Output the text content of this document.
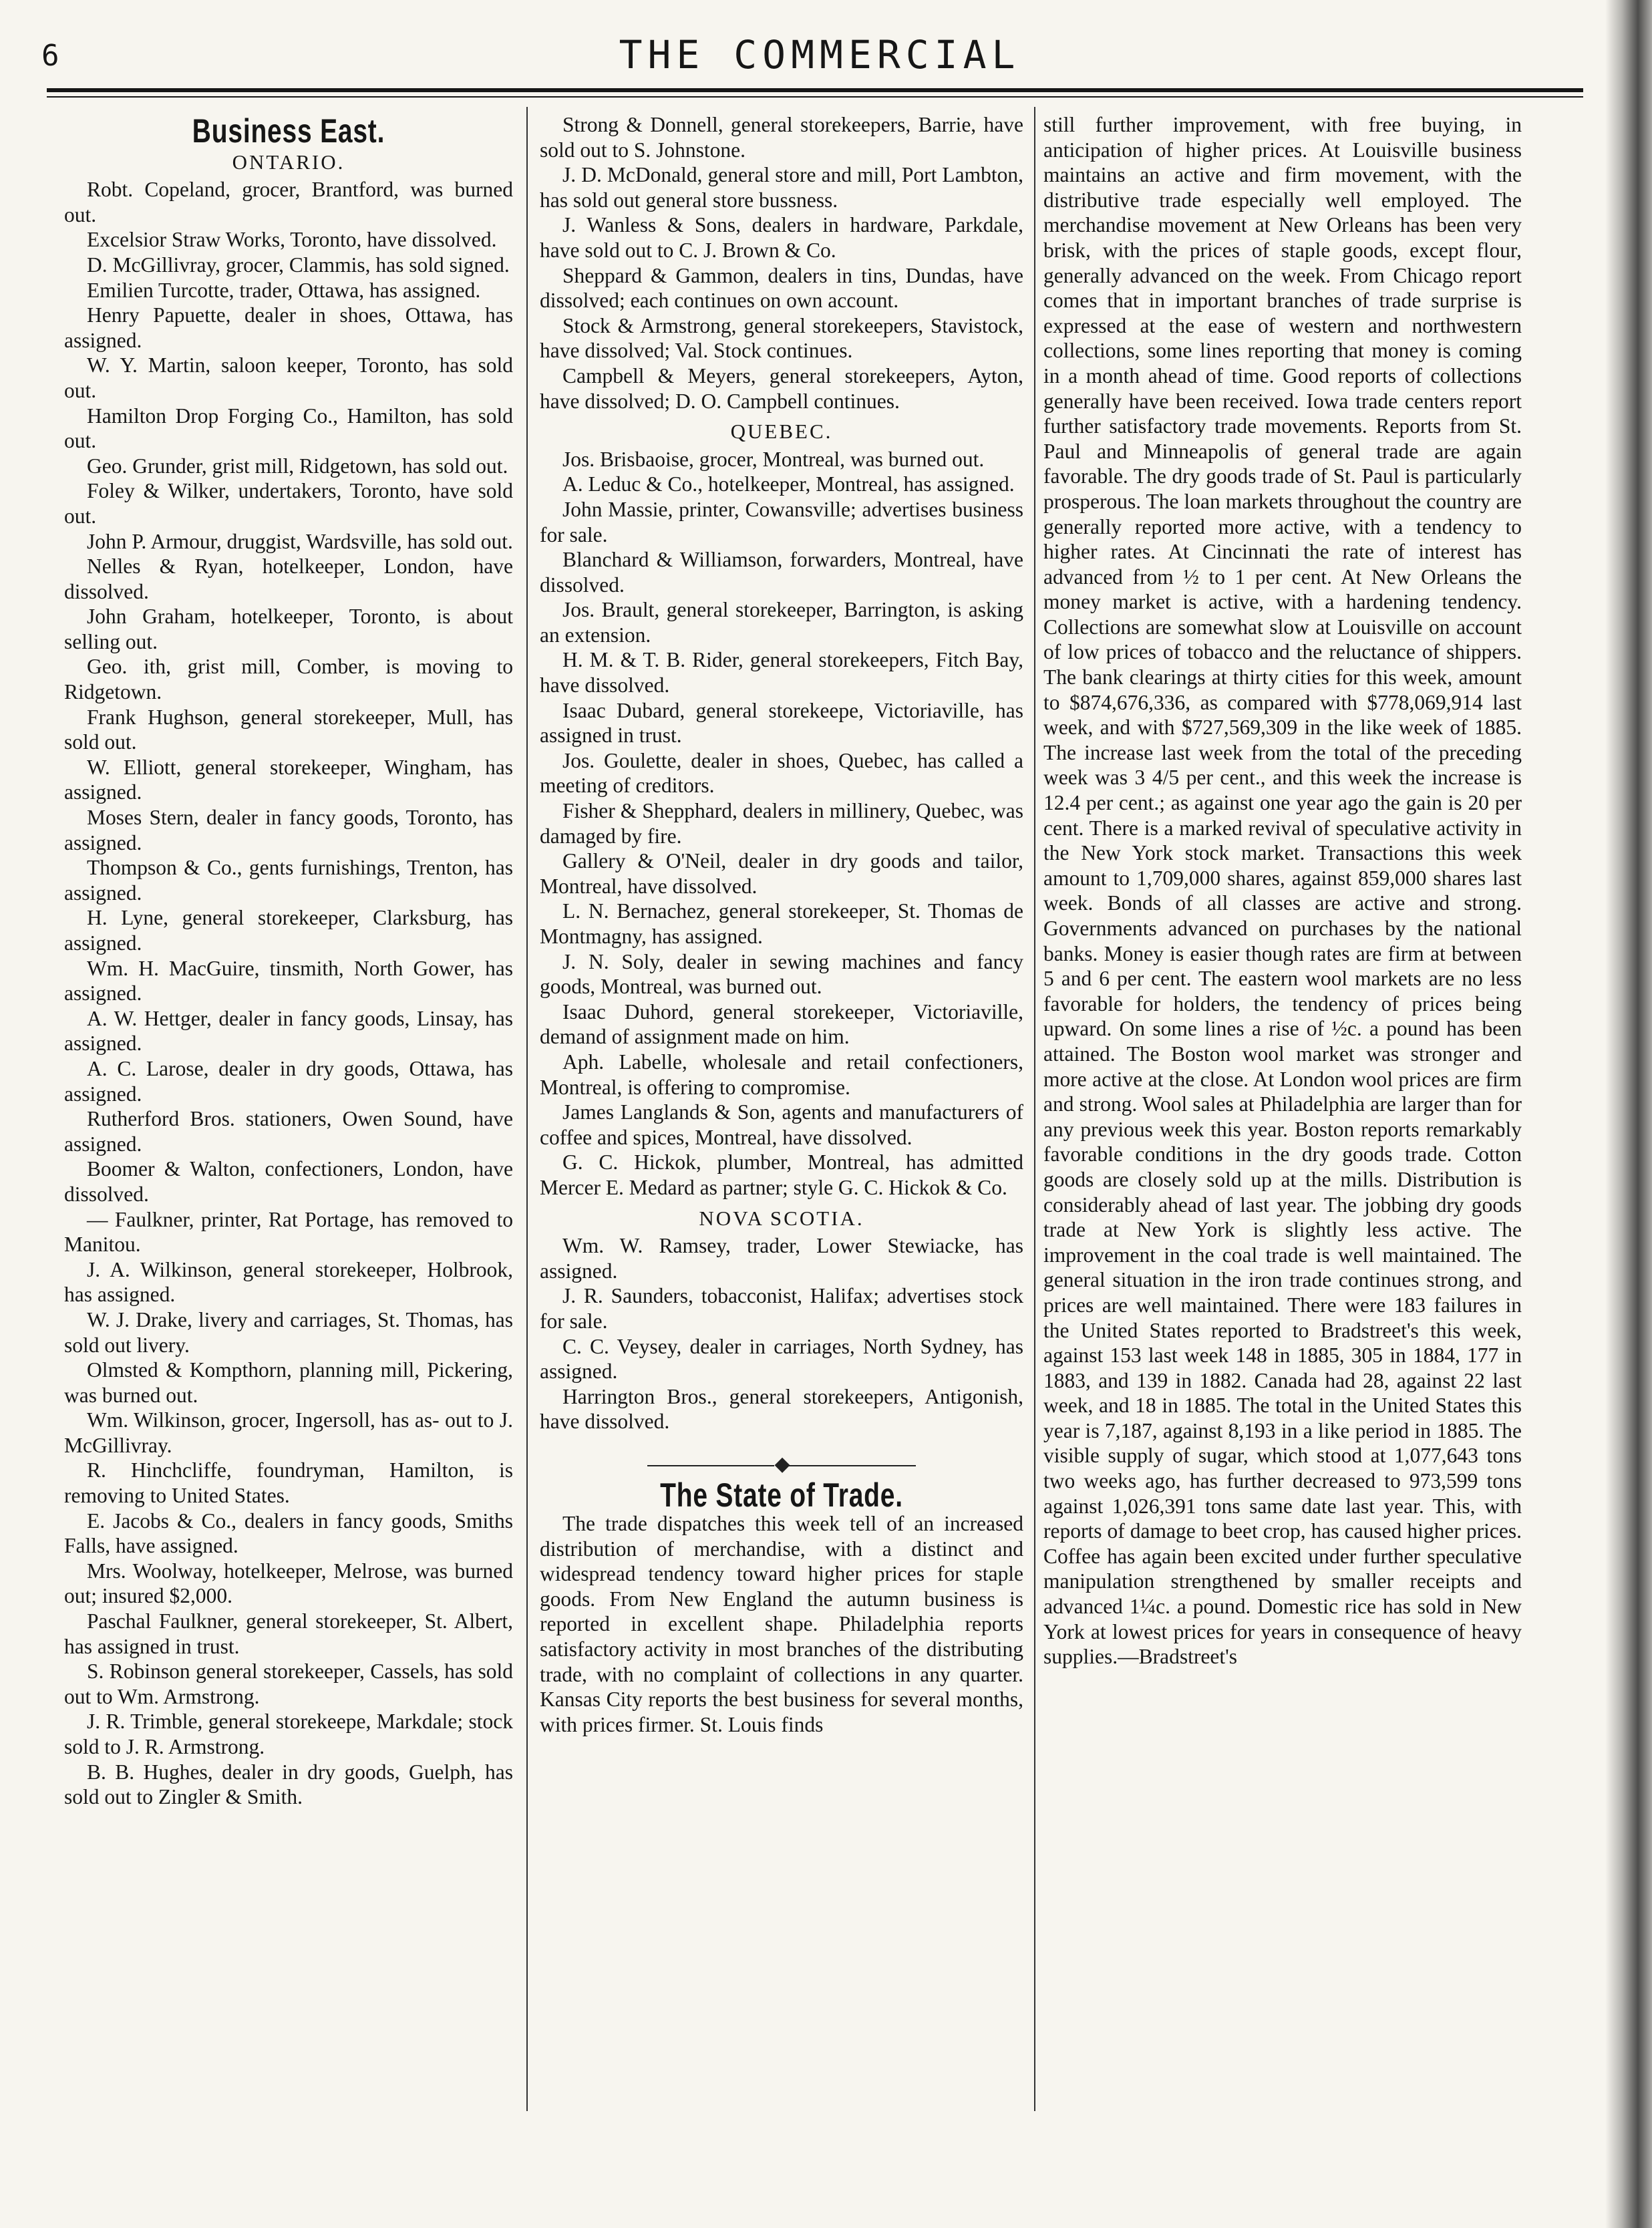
6	THE COMMERCIAL
Business East.
ONTARIO.

Robt. Copeland, grocer, Brantford, was burned out.

Excelsior Straw Works, Toronto, have dissolved.

D. McGillivray, grocer, Clammis, has sold signed.

Emilien Turcotte, trader, Ottawa, has assigned.

Henry Papuette, dealer in shoes, Ottawa, has assigned.

W. Y. Martin, saloon keeper, Toronto, has sold out.

Hamilton Drop Forging Co., Hamilton, has sold out.

Geo. Grunder, grist mill, Ridgetown, has sold out.

Foley & Wilker, undertakers, Toronto, have sold out.

John P. Armour, druggist, Wardsville, has sold out.

Nelles & Ryan, hotelkeeper, London, have dissolved.

John Graham, hotelkeeper, Toronto, is about selling out.

Geo. ith, grist mill, Comber, is moving to Ridgetown.

Frank Hughson, general storekeeper, Mull, has sold out.

W. Elliott, general storekeeper, Wingham, has assigned.

Moses Stern, dealer in fancy goods, Toronto, has assigned.

Thompson & Co., gents furnishings, Trenton, has assigned.

H. Lyne, general storekeeper, Clarksburg, has assigned.

Wm. H. MacGuire, tinsmith, North Gower, has assigned.

A. W. Hettger, dealer in fancy goods, Linsay, has assigned.

A. C. Larose, dealer in dry goods, Ottawa, has assigned.

Rutherford Bros. stationers, Owen Sound, have assigned.

Boomer & Walton, confectioners, London, have dissolved.

— Faulkner, printer, Rat Portage, has removed to Manitou.

J. A. Wilkinson, general storekeeper, Holbrook, has assigned.

W. J. Drake, livery and carriages, St. Thomas, has sold out livery.

Olmsted & Kompthorn, planning mill, Pickering, was burned out.

Wm. Wilkinson, grocer, Ingersoll, has as- out to J. McGillivray.

R. Hinchcliffe, foundryman, Hamilton, is removing to United States.

E. Jacobs & Co., dealers in fancy goods, Smiths Falls, have assigned.

Mrs. Woolway, hotelkeeper, Melrose, was burned out; insured $2,000.

Paschal Faulkner, general storekeeper, St. Albert, has assigned in trust.

S. Robinson general storekeeper, Cassels, has sold out to Wm. Armstrong.

J. R. Trimble, general storekeepe, Markdale; stock sold to J. R. Armstrong.

B. B. Hughes, dealer in dry goods, Guelph, has sold out to Zingler & Smith.

Strong & Donnell, general storekeepers, Barrie, have sold out to S. Johnstone.

J. D. McDonald, general store and mill, Port Lambton, has sold out general store bussness.

J. Wanless & Sons, dealers in hardware, Parkdale, have sold out to C. J. Brown & Co.

Sheppard & Gammon, dealers in tins, Dundas, have dissolved; each continues on own account.

Stock & Armstrong, general storekeepers, Stavistock, have dissolved; Val. Stock continues.

Campbell & Meyers, general storekeepers, Ayton, have dissolved; D. O. Campbell continues.

QUEBEC.

Jos. Brisbaoise, grocer, Montreal, was burned out.

A. Leduc & Co., hotelkeeper, Montreal, has assigned.

John Massie, printer, Cowansville; advertises business for sale.

Blanchard & Williamson, forwarders, Montreal, have dissolved.

Jos. Brault, general storekeeper, Barrington, is asking an extension.

H. M. & T. B. Rider, general storekeepers, Fitch Bay, have dissolved.

Isaac Dubard, general storekeepe, Victoriaville, has assigned in trust.

Jos. Goulette, dealer in shoes, Quebec, has called a meeting of creditors.

Fisher & Shepphard, dealers in millinery, Quebec, was damaged by fire.

Gallery & O'Neil, dealer in dry goods and tailor, Montreal, have dissolved.

L. N. Bernachez, general storekeeper, St. Thomas de Montmagny, has assigned.

J. N. Soly, dealer in sewing machines and fancy goods, Montreal, was burned out.

Isaac Duhord, general storekeeper, Victoriaville, demand of assignment made on him.

Aph. Labelle, wholesale and retail confectioners, Montreal, is offering to compromise.

James Langlands & Son, agents and manufacturers of coffee and spices, Montreal, have dissolved.

G. C. Hickok, plumber, Montreal, has admitted Mercer E. Medard as partner; style G. C. Hickok & Co.

NOVA SCOTIA.

Wm. W. Ramsey, trader, Lower Stewiacke, has assigned.

J. R. Saunders, tobacconist, Halifax; advertises stock for sale.

C. C. Veysey, dealer in carriages, North Sydney, has assigned.

Harrington Bros., general storekeepers, Antigonish, have dissolved.

◆
The State of Trade.

The trade dispatches this week tell of an increased distribution of merchandise, with a distinct and widespread tendency toward higher prices for staple goods. From New England the autumn business is reported in excellent shape. Philadelphia reports satisfactory activity in most branches of the distributing trade, with no complaint of collections in any quarter. Kansas City reports the best business for several months, with prices firmer. St. Louis finds

still further improvement, with free buying, in anticipation of higher prices. At Louisville business maintains an active and firm movement, with the distributive trade especially well employed. The merchandise movement at New Orleans has been very brisk, with the prices of staple goods, except flour, generally advanced on the week. From Chicago report comes that in important branches of trade surprise is expressed at the ease of western and northwestern collections, some lines reporting that money is coming in a month ahead of time. Good reports of collections generally have been received. Iowa trade centers report further satisfactory trade movements. Reports from St. Paul and Minneapolis of general trade are again favorable. The dry goods trade of St. Paul is particularly prosperous. The loan markets throughout the country are generally reported more active, with a tendency to higher rates. At Cincinnati the rate of interest has advanced from ½ to 1 per cent. At New Orleans the money market is active, with a hardening tendency. Collections are somewhat slow at Louisville on account of low prices of tobacco and the reluctance of shippers. The bank clearings at thirty cities for this week, amount to $874,676,336, as compared with $778,069,914 last week, and with $727,569,309 in the like week of 1885. The increase last week from the total of the preceding week was 3 4/5 per cent., and this week the increase is 12.4 per cent.; as against one year ago the gain is 20 per cent. There is a marked revival of speculative activity in the New York stock market. Transactions this week amount to 1,709,000 shares, against 859,000 shares last week. Bonds of all classes are active and strong. Governments advanced on purchases by the national banks. Money is easier though rates are firm at between 5 and 6 per cent. The eastern wool markets are no less favorable for holders, the tendency of prices being upward. On some lines a rise of ½c. a pound has been attained. The Boston wool market was stronger and more active at the close. At London wool prices are firm and strong. Wool sales at Philadelphia are larger than for any previous week this year. Boston reports remarkably favorable conditions in the dry goods trade. Cotton goods are closely sold up at the mills. Distribution is considerably ahead of last year. The jobbing dry goods trade at New York is slightly less active. The improvement in the coal trade is well maintained. The general situation in the iron trade continues strong, and prices are well maintained. There were 183 failures in the United States reported to Bradstreet's this week, against 153 last week 148 in 1885, 305 in 1884, 177 in 1883, and 139 in 1882. Canada had 28, against 22 last week, and 18 in 1885. The total in the United States this year is 7,187, against 8,193 in a like period in 1885. The visible supply of sugar, which stood at 1,077,643 tons two weeks ago, has further decreased to 973,599 tons against 1,026,391 tons same date last year. This, with reports of damage to beet crop, has caused higher prices. Coffee has again been excited under further speculative manipulation strengthened by smaller receipts and advanced 1¼c. a pound. Domestic rice has sold in New York at lowest prices for years in consequence of heavy supplies.—Bradstreet's
